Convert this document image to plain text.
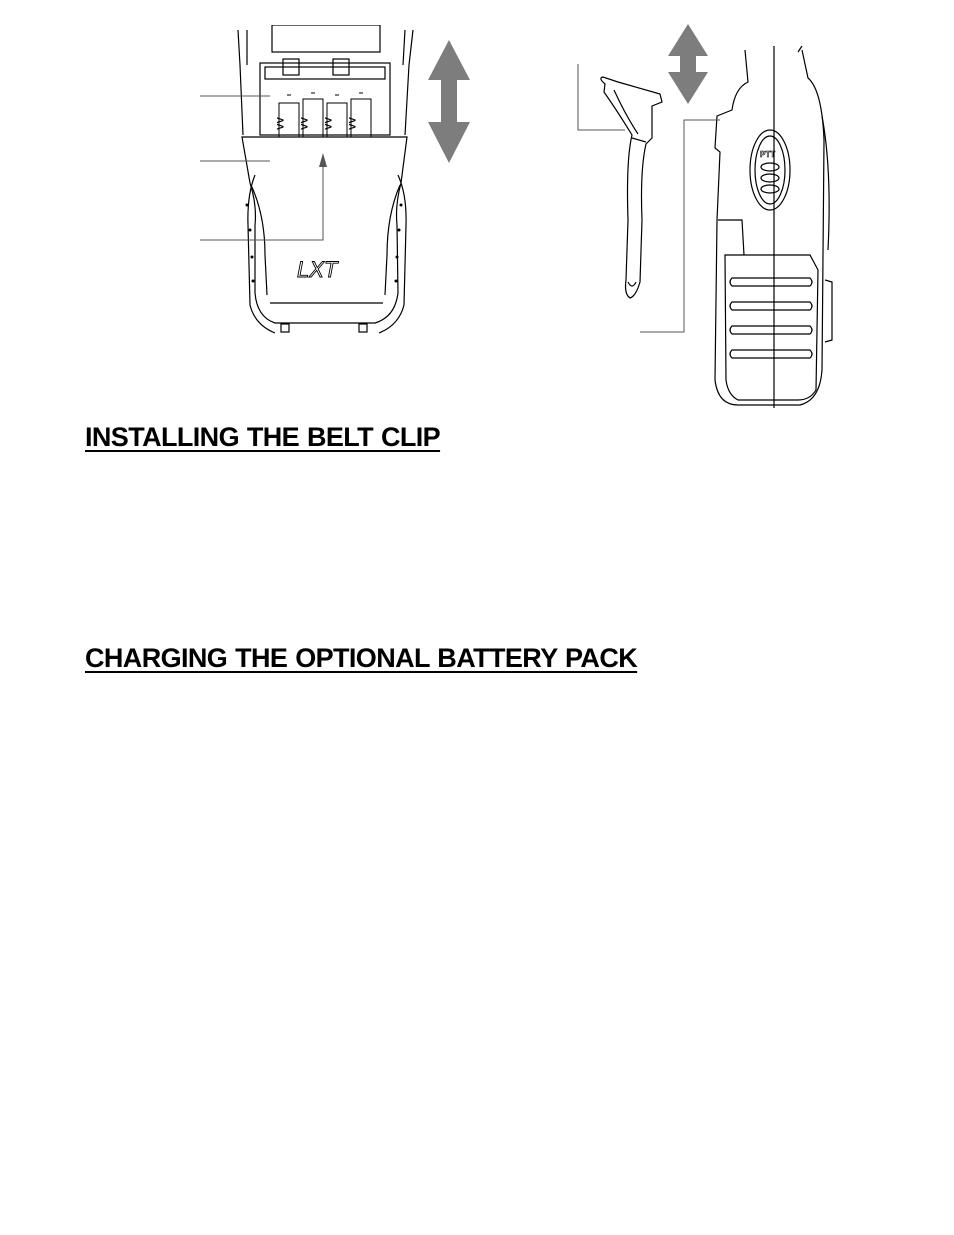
AA AA AA AA
LXT
PTT
INSTALLING THE BELT CLIP
CHARGING THE OPTIONAL BATTERY PACK
